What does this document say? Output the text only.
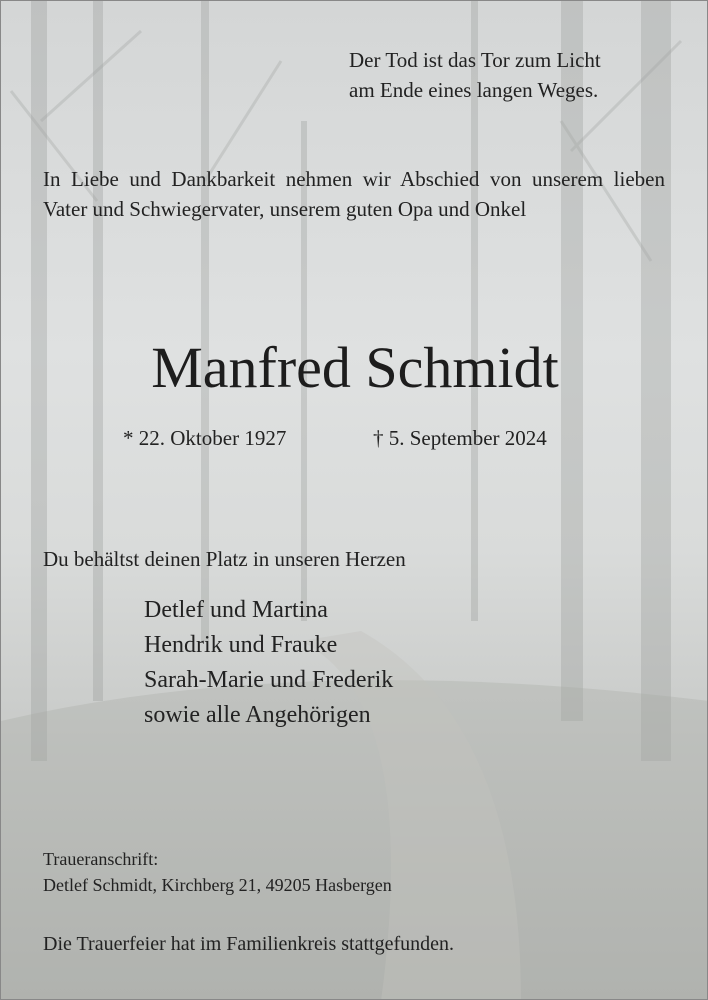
Der Tod ist das Tor zum Licht
am Ende eines langen Weges.
In Liebe und Dankbarkeit nehmen wir Abschied von unserem lieben Vater und Schwiegervater, unserem guten Opa und Onkel
Manfred Schmidt
* 22. Oktober 1927	† 5. September 2024
Du behältst deinen Platz in unseren Herzen
Detlef und Martina
Hendrik und Frauke
Sarah-Marie und Frederik
sowie alle Angehörigen
Traueranschrift:
Detlef Schmidt, Kirchberg 21, 49205 Hasbergen
Die Trauerfeier hat im Familienkreis stattgefunden.
